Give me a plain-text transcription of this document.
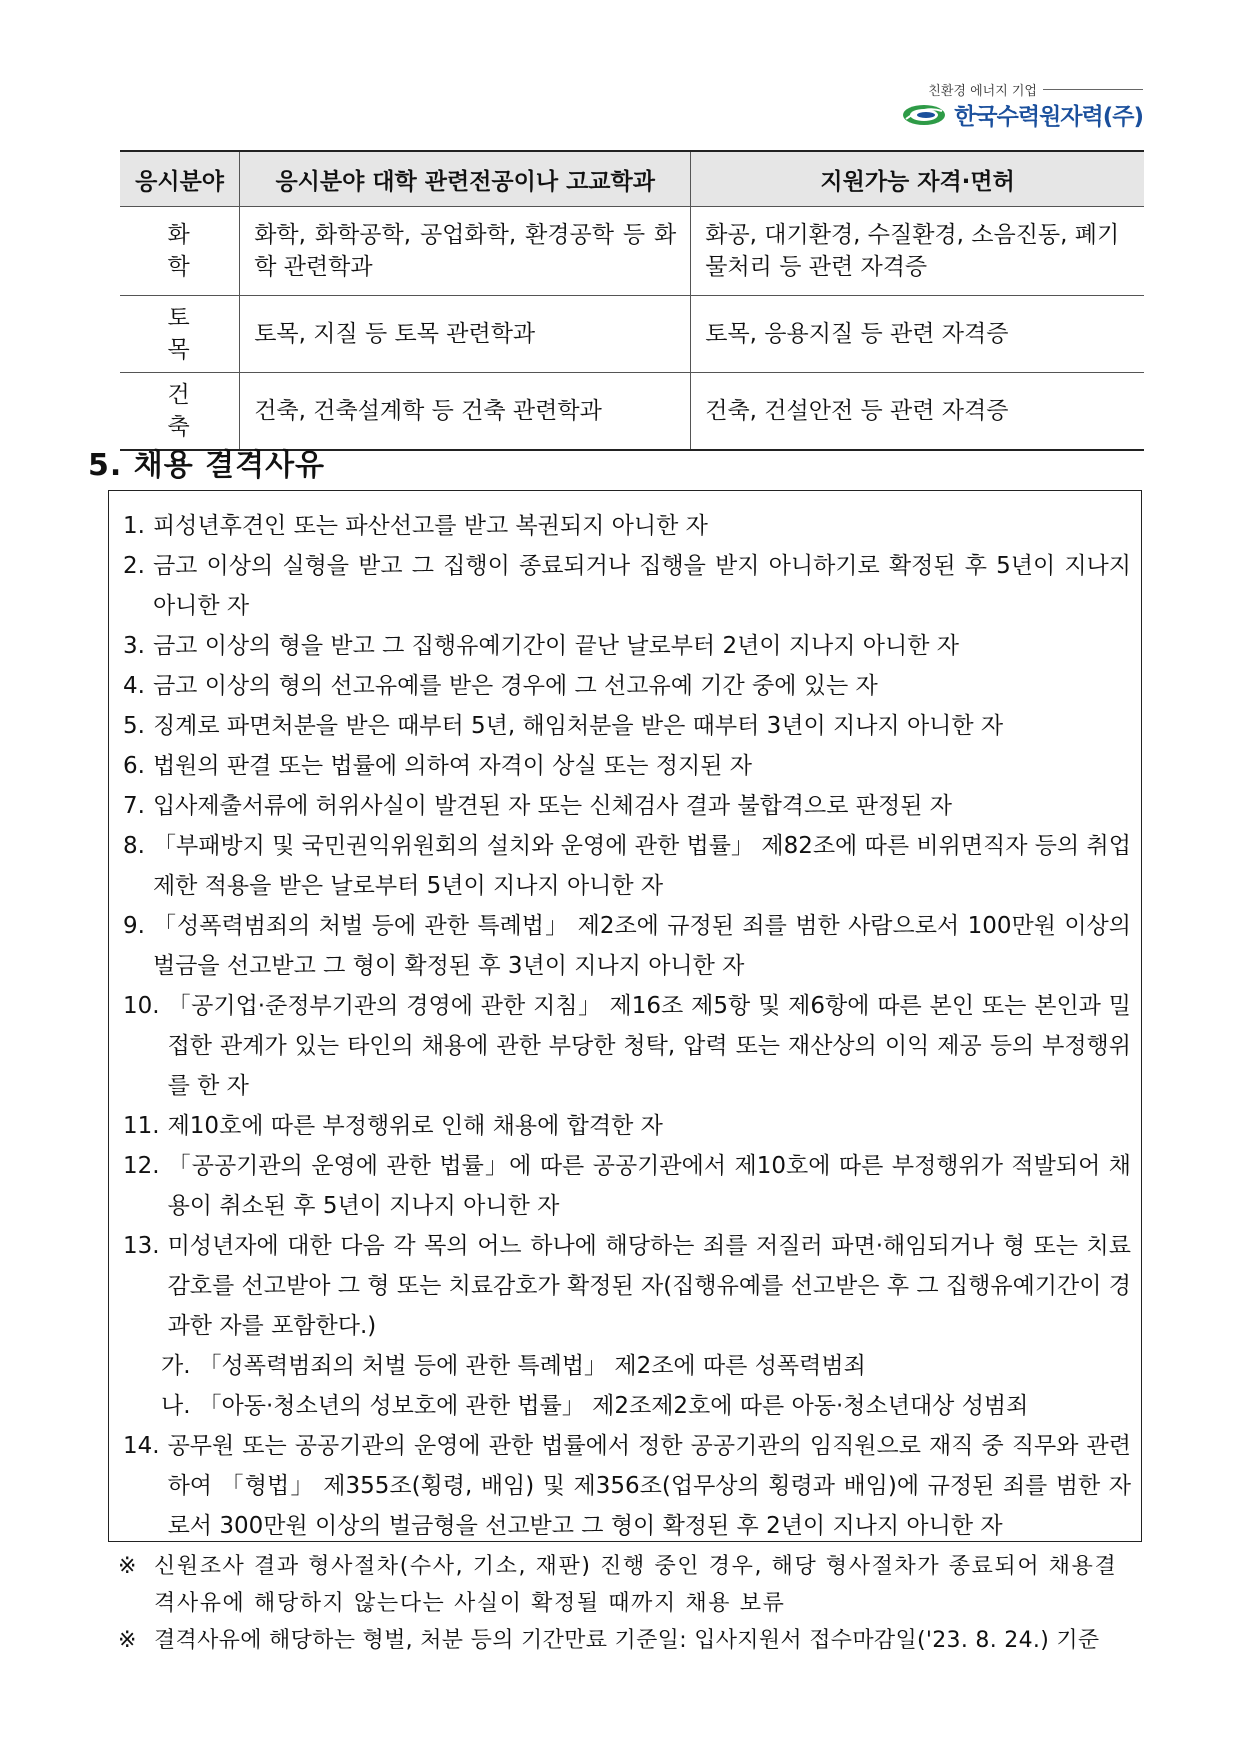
친환경 에너지 기업
한국수력원자력(주)
응시분야	응시분야 대학 관련전공이나 고교학과	지원가능 자격·면허
화학	화학, 화학공학, 공업화학, 환경공학 등 화학 관련학과	화공, 대기환경, 수질환경, 소음진동, 폐기물처리 등 관련 자격증
토목	토목, 지질 등 토목 관련학과	토목, 응용지질 등 관련 자격증
건축	건축, 건축설계학 등 건축 관련학과	건축, 건설안전 등 관련 자격증
5. 채용 결격사유
1. 피성년후견인 또는 파산선고를 받고 복권되지 아니한 자
2. 금고 이상의 실형을 받고 그 집행이 종료되거나 집행을 받지 아니하기로 확정된 후 5년이 지나지 아니한 자
3. 금고 이상의 형을 받고 그 집행유예기간이 끝난 날로부터 2년이 지나지 아니한 자
4. 금고 이상의 형의 선고유예를 받은 경우에 그 선고유예 기간 중에 있는 자
5. 징계로 파면처분을 받은 때부터 5년, 해임처분을 받은 때부터 3년이 지나지 아니한 자
6. 법원의 판결 또는 법률에 의하여 자격이 상실 또는 정지된 자
7. 입사제출서류에 허위사실이 발견된 자 또는 신체검사 결과 불합격으로 판정된 자
8. 「부패방지 및 국민권익위원회의 설치와 운영에 관한 법률」 제82조에 따른 비위면직자 등의 취업제한 적용을 받은 날로부터 5년이 지나지 아니한 자
9. 「성폭력범죄의 처벌 등에 관한 특례법」 제2조에 규정된 죄를 범한 사람으로서 100만원 이상의 벌금을 선고받고 그 형이 확정된 후 3년이 지나지 아니한 자
10. 「공기업·준정부기관의 경영에 관한 지침」 제16조 제5항 및 제6항에 따른 본인 또는 본인과 밀접한 관계가 있는 타인의 채용에 관한 부당한 청탁, 압력 또는 재산상의 이익 제공 등의 부정행위를 한 자
11. 제10호에 따른 부정행위로 인해 채용에 합격한 자
12. 「공공기관의 운영에 관한 법률」에 따른 공공기관에서 제10호에 따른 부정행위가 적발되어 채용이 취소된 후 5년이 지나지 아니한 자
13. 미성년자에 대한 다음 각 목의 어느 하나에 해당하는 죄를 저질러 파면·해임되거나 형 또는 치료감호를 선고받아 그 형 또는 치료감호가 확정된 자(집행유예를 선고받은 후 그 집행유예기간이 경과한 자를 포함한다.)
가. 「성폭력범죄의 처벌 등에 관한 특례법」 제2조에 따른 성폭력범죄
나. 「아동·청소년의 성보호에 관한 법률」 제2조제2호에 따른 아동·청소년대상 성범죄
14. 공무원 또는 공공기관의 운영에 관한 법률에서 정한 공공기관의 임직원으로 재직 중 직무와 관련하여 「형법」 제355조(횡령, 배임) 및 제356조(업무상의 횡령과 배임)에 규정된 죄를 범한 자로서 300만원 이상의 벌금형을 선고받고 그 형이 확정된 후 2년이 지나지 아니한 자
※ 신원조사 결과 형사절차(수사, 기소, 재판) 진행 중인 경우, 해당 형사절차가 종료되어 채용결격사유에 해당하지 않는다는 사실이 확정될 때까지 채용 보류
※ 결격사유에 해당하는 형벌, 처분 등의 기간만료 기준일: 입사지원서 접수마감일('23. 8. 24.) 기준
